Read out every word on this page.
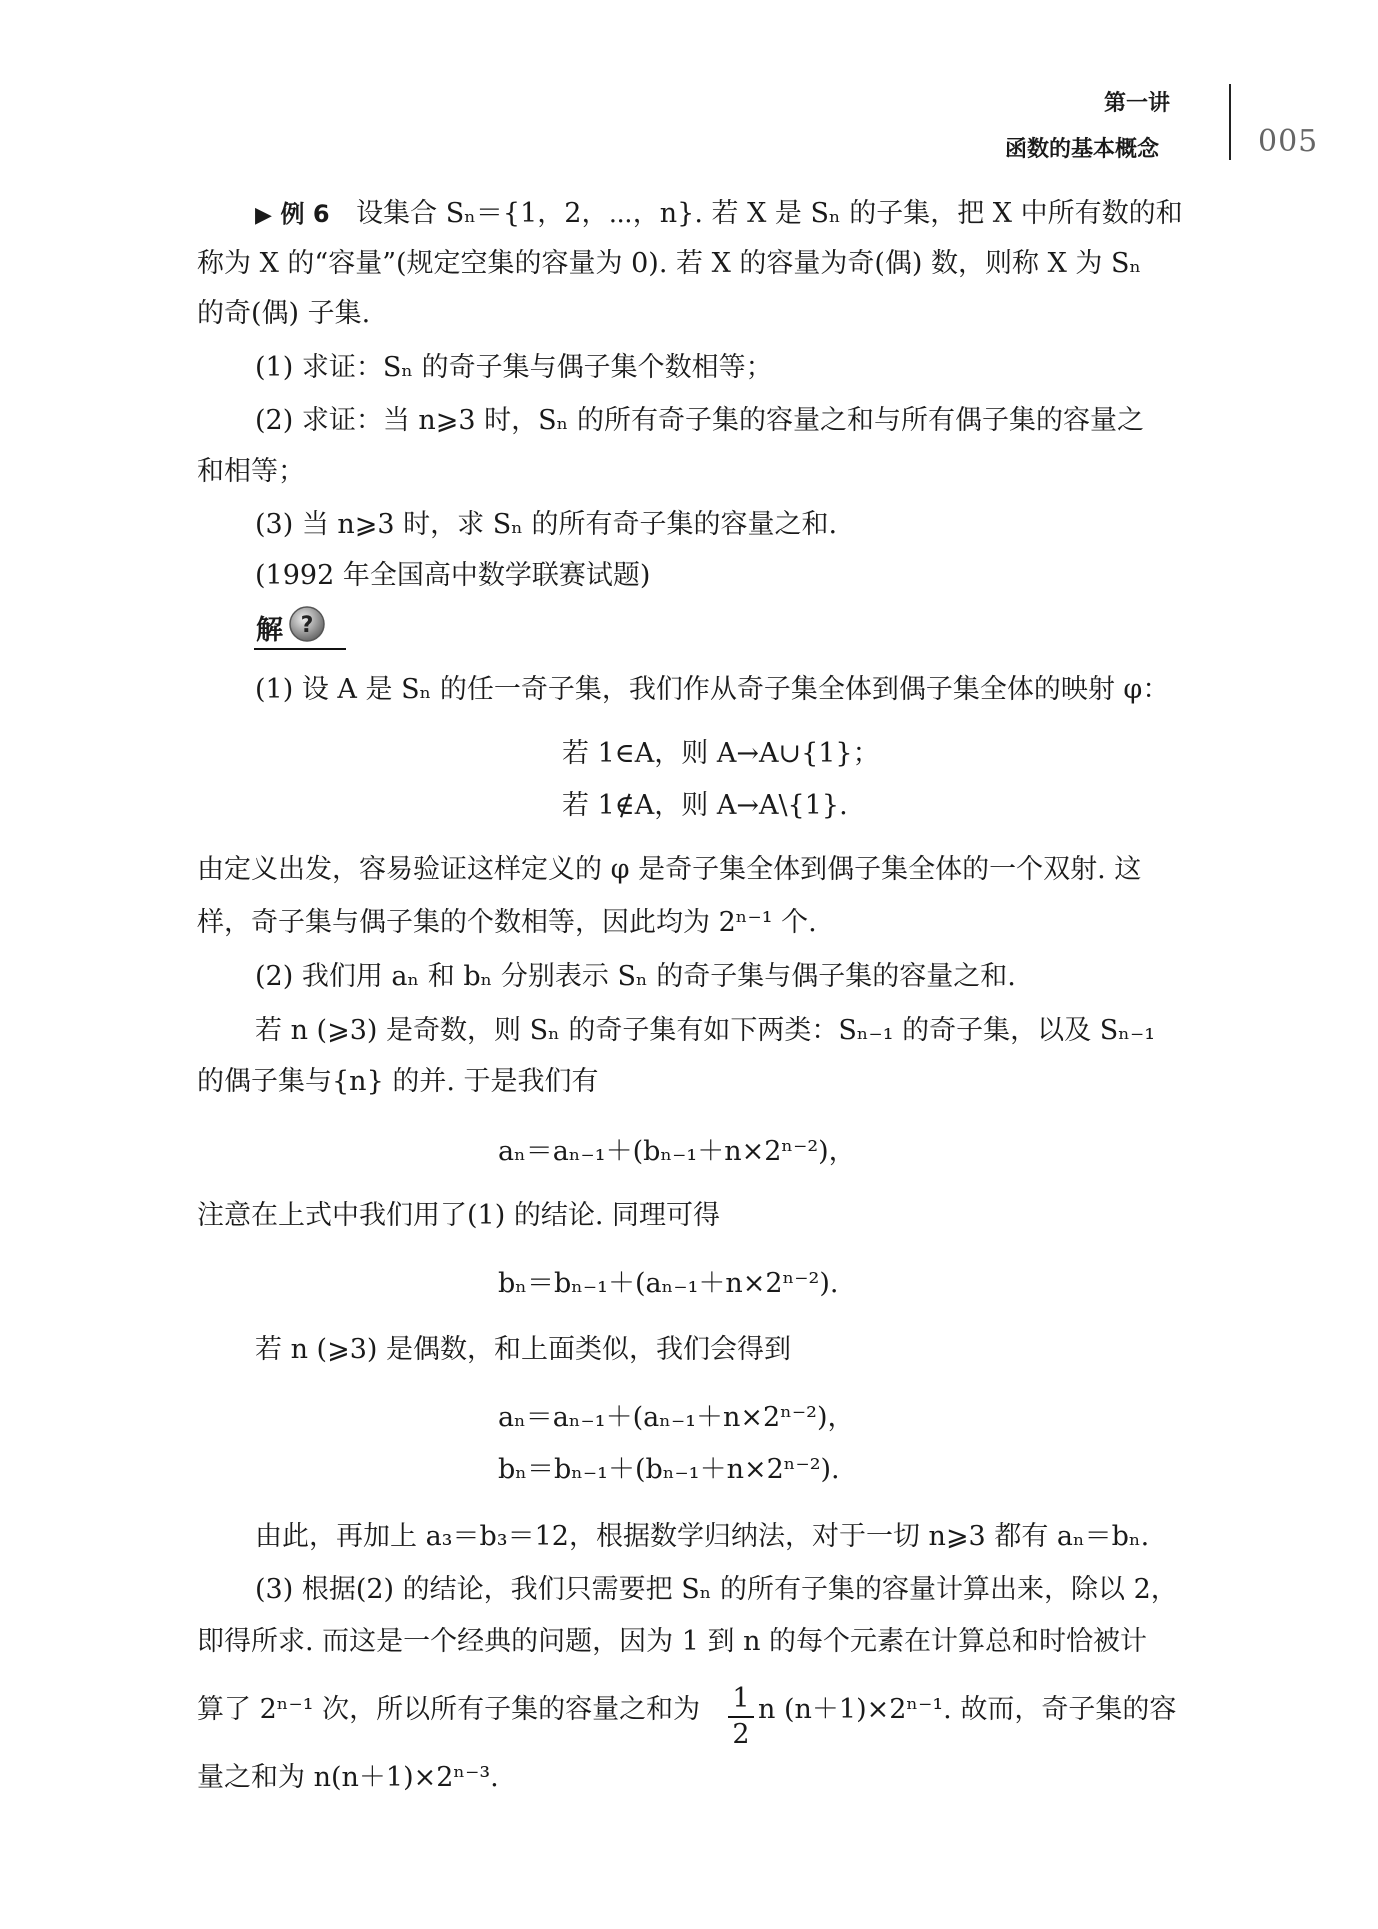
第一讲
函数的基本概念	005
▶ 例 6 设集合 Sₙ＝{1，2，⋯，n}. 若 X 是 Sₙ 的子集，把 X 中所有数的和
称为 X 的“容量”(规定空集的容量为 0). 若 X 的容量为奇(偶) 数，则称 X 为 Sₙ
的奇(偶) 子集.
(1) 求证：Sₙ 的奇子集与偶子集个数相等；
(2) 求证：当 n⩾3 时，Sₙ 的所有奇子集的容量之和与所有偶子集的容量之
和相等；
(3) 当 n⩾3 时，求 Sₙ 的所有奇子集的容量之和.
(1992 年全国高中数学联赛试题)
解 ?
(1) 设 A 是 Sₙ 的任一奇子集，我们作从奇子集全体到偶子集全体的映射 φ：
若 1∈A，则 A→A∪{1}；
若 1∉A，则 A→A\{1}.
由定义出发，容易验证这样定义的 φ 是奇子集全体到偶子集全体的一个双射. 这
样，奇子集与偶子集的个数相等，因此均为 2ⁿ⁻¹ 个.
(2) 我们用 aₙ 和 bₙ 分别表示 Sₙ 的奇子集与偶子集的容量之和.
若 n (⩾3) 是奇数，则 Sₙ 的奇子集有如下两类：Sₙ₋₁ 的奇子集，以及 Sₙ₋₁
的偶子集与{n} 的并. 于是我们有
aₙ＝aₙ₋₁＋(bₙ₋₁＋n×2ⁿ⁻²)，
注意在上式中我们用了(1) 的结论. 同理可得
bₙ＝bₙ₋₁＋(aₙ₋₁＋n×2ⁿ⁻²).
若 n (⩾3) 是偶数，和上面类似，我们会得到
aₙ＝aₙ₋₁＋(aₙ₋₁＋n×2ⁿ⁻²)，
bₙ＝bₙ₋₁＋(bₙ₋₁＋n×2ⁿ⁻²).
由此，再加上 a₃＝b₃＝12，根据数学归纳法，对于一切 n⩾3 都有 aₙ＝bₙ.
(3) 根据(2) 的结论，我们只需要把 Sₙ 的所有子集的容量计算出来，除以 2，
即得所求. 而这是一个经典的问题，因为 1 到 n 的每个元素在计算总和时恰被计
算了 2ⁿ⁻¹ 次，所以所有子集的容量之和为 1
2
n (n＋1)×2ⁿ⁻¹. 故而，奇子集的容
量之和为 n(n＋1)×2ⁿ⁻³.
